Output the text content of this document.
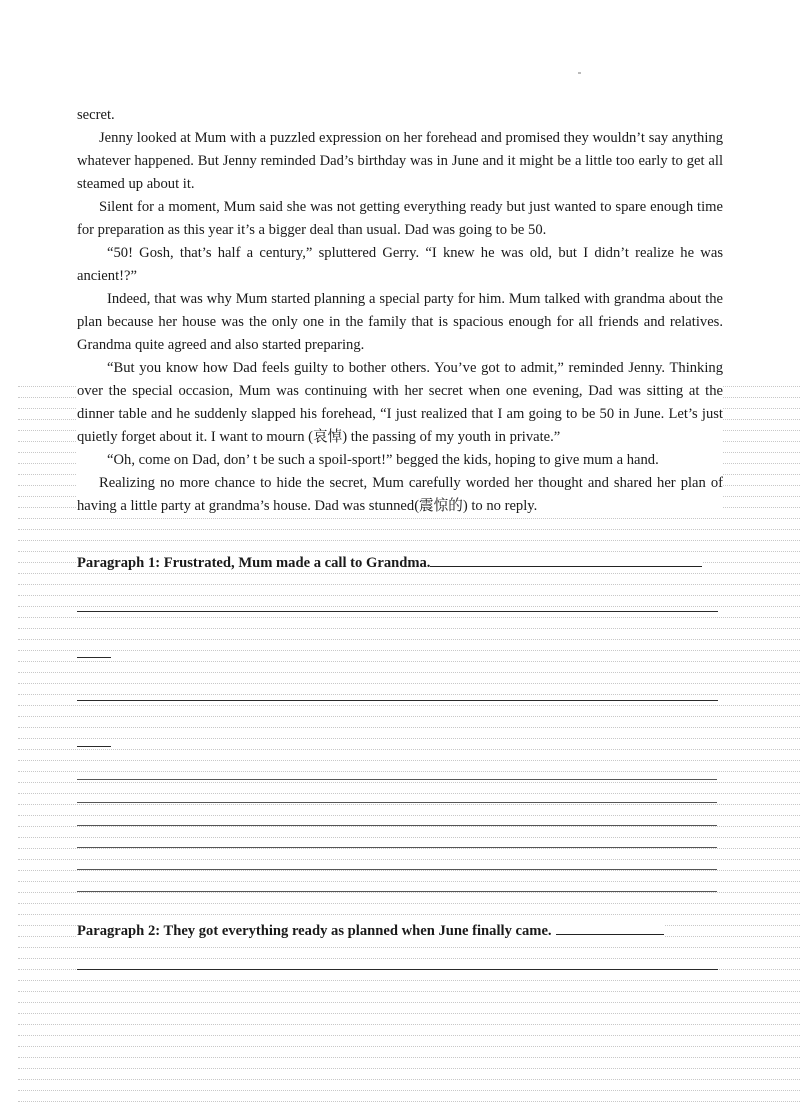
secret.

Jenny looked at Mum with a puzzled expression on her forehead and promised they wouldn’t say anything whatever happened. But Jenny reminded Dad’s birthday was in June and it might be a little too early to get all steamed up about it.

Silent for a moment, Mum said she was not getting everything ready but just wanted to spare enough time for preparation as this year it’s a bigger deal than usual. Dad was going to be 50.

“50! Gosh, that’s half a century,” spluttered Gerry. “I knew he was old, but I didn’t realize he was ancient!?”

Indeed, that was why Mum started planning a special party for him. Mum talked with grandma about the plan because her house was the only one in the family that is spacious enough for all friends and relatives. Grandma quite agreed and also started preparing.

“But you know how Dad feels guilty to bother others. You’ve got to admit,” reminded Jenny. Thinking over the special occasion, Mum was continuing with her secret when one evening, Dad was sitting at the dinner table and he suddenly slapped his forehead, “I just realized that I am going to be 50 in June. Let’s just quietly forget about it. I want to mourn (哀悼) the passing of my youth in private.”

“Oh, come on Dad, don’ t be such a spoil-sport!” begged the kids, hoping to give mum a hand.

Realizing no more chance to hide the secret, Mum carefully worded her thought and shared her plan of having a little party at grandma’s house. Dad was stunned(震惊的) to no reply.

Paragraph 1: Frustrated, Mum made a call to Grandma.
Paragraph 2: They got everything ready as planned when June finally came.
